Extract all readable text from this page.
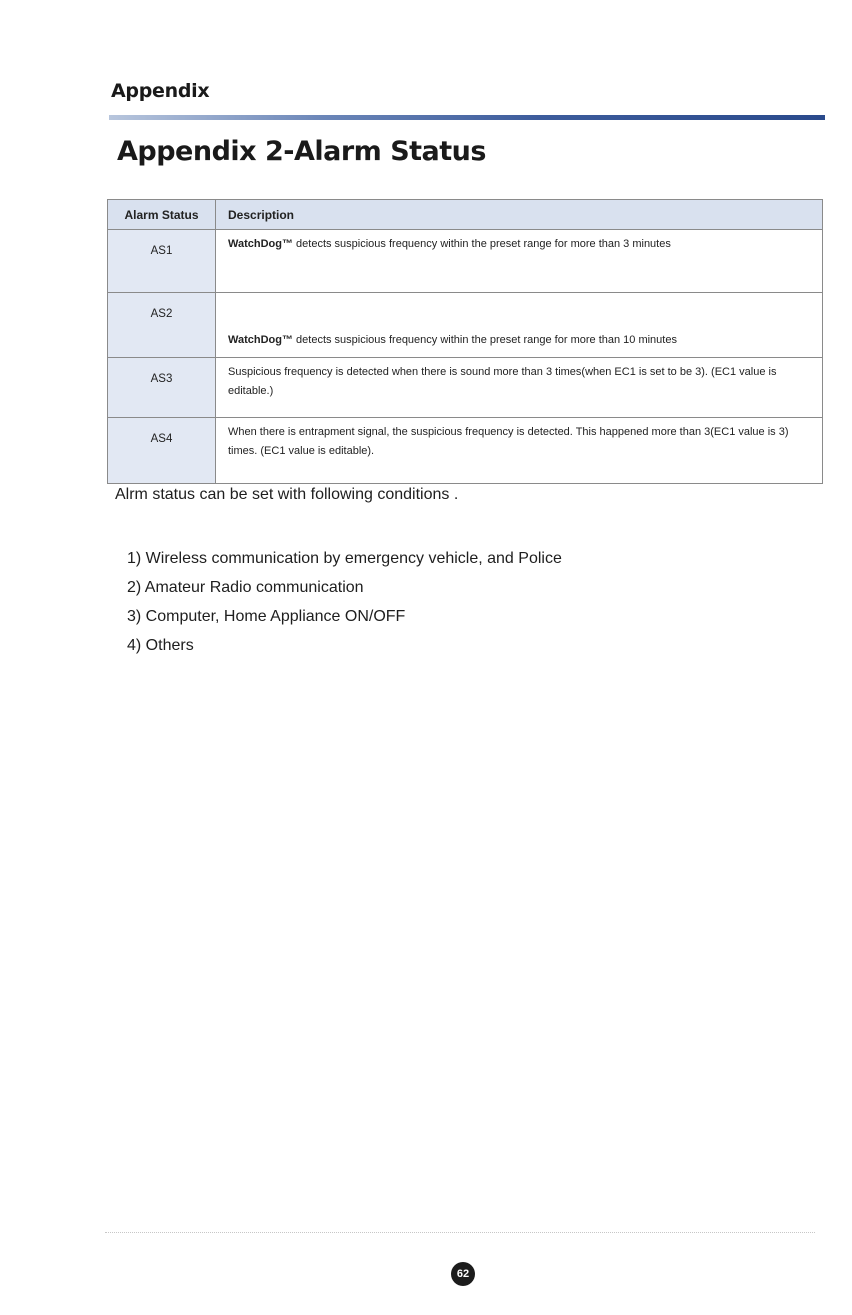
Appendix
Appendix 2-Alarm Status
Alarm Status	Description
AS1	WatchDog™ detects suspicious frequency within the preset range for more than 3 minutes
AS2	WatchDog™ detects suspicious frequency within the preset range for more than 10 minutes
AS3	Suspicious frequency is detected when there is sound more than 3 times(when EC1 is set to be 3). (EC1 value is editable.)
AS4	When there is entrapment signal, the suspicious frequency is detected. This happened more than 3(EC1 value is 3) times. (EC1 value is editable).

Alrm status can be set with following conditions .

1) Wireless communication by emergency vehicle, and Police
2) Amateur Radio communication
3) Computer, Home Appliance ON/OFF
4) Others
62
